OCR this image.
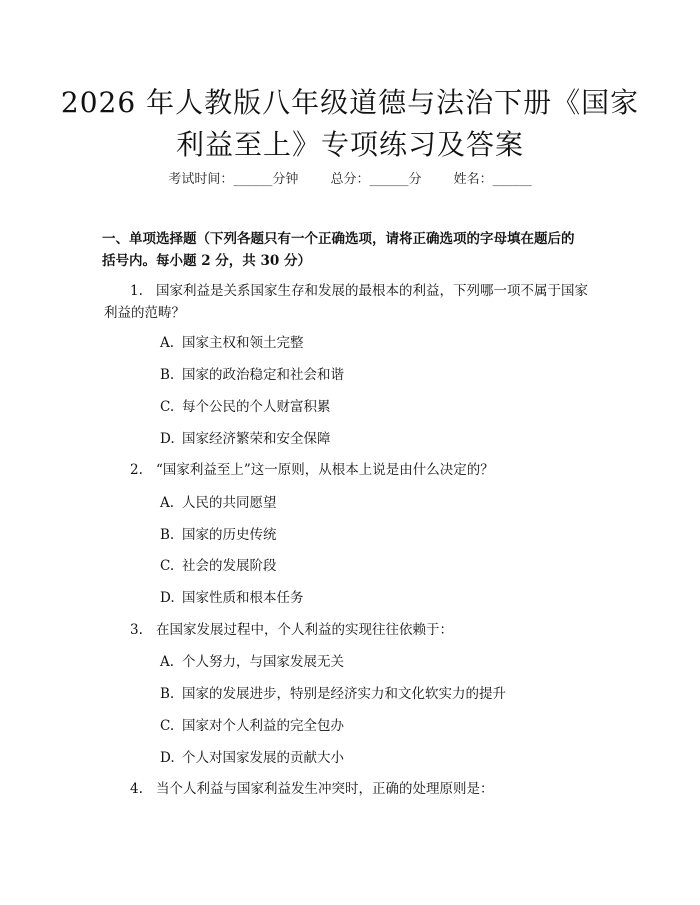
2026 年人教版八年级道德与法治下册《国家
利益至上》专项练习及答案
考试时间：______分钟 总分：______分 姓名：______
一、单项选择题（下列各题只有一个正确选项，请将正确选项的字母填在题后的
括号内。每小题 2 分，共 30 分）
1. 国家利益是关系国家生存和发展的最根本的利益，下列哪一项不属于国家
利益的范畴？
A. 国家主权和领土完整
B. 国家的政治稳定和社会和谐
C. 每个公民的个人财富积累
D. 国家经济繁荣和安全保障
2. “国家利益至上”这一原则，从根本上说是由什么决定的？
A. 人民的共同愿望
B. 国家的历史传统
C. 社会的发展阶段
D. 国家性质和根本任务
3. 在国家发展过程中，个人利益的实现往往依赖于：
A. 个人努力，与国家发展无关
B. 国家的发展进步，特别是经济实力和文化软实力的提升
C. 国家对个人利益的完全包办
D. 个人对国家发展的贡献大小
4. 当个人利益与国家利益发生冲突时，正确的处理原则是：
